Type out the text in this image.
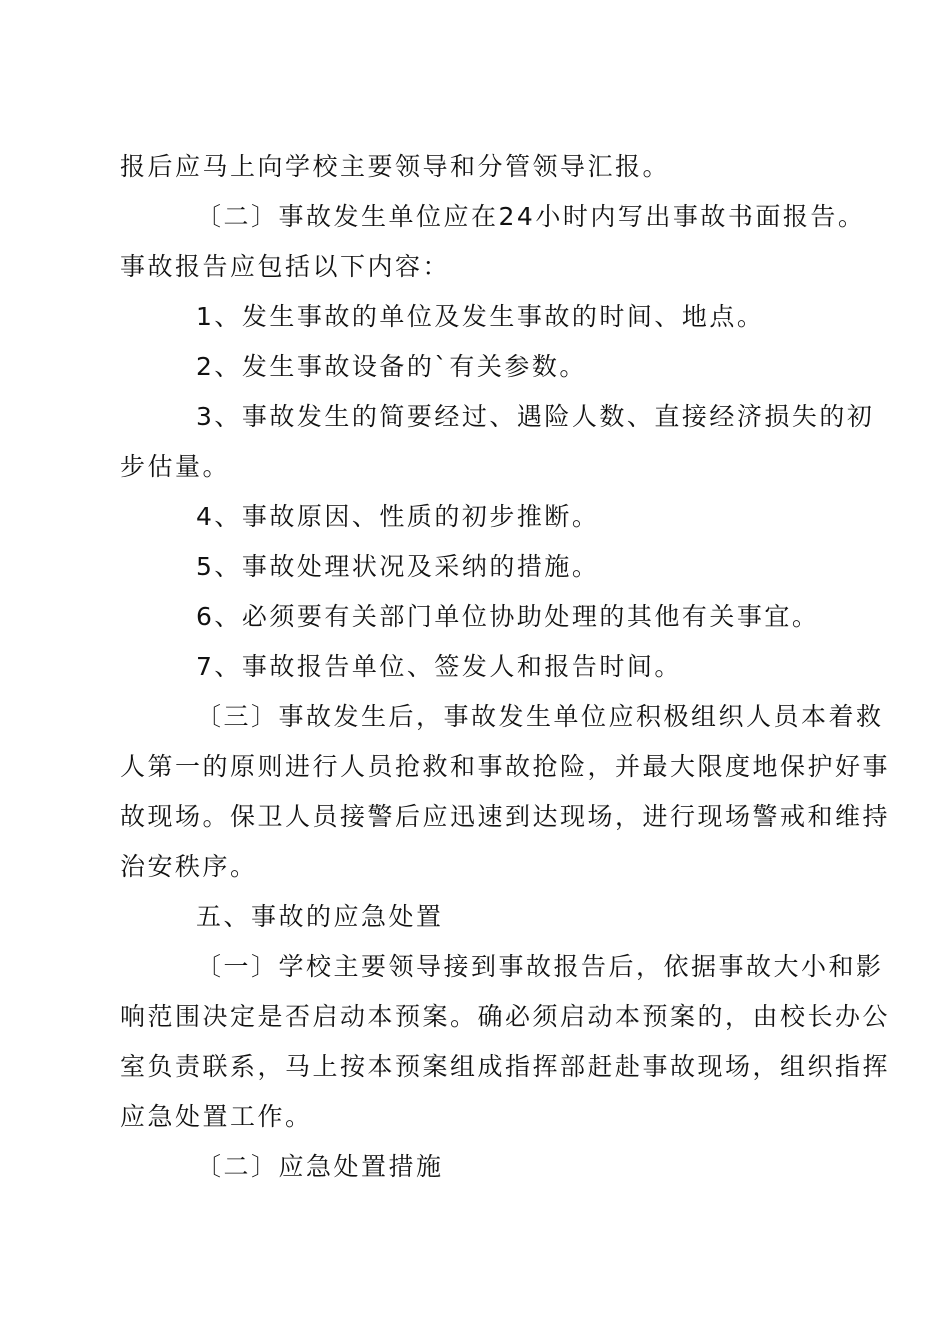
报后应马上向学校主要领导和分管领导汇报。
〔二〕事故发生单位应在24小时内写出事故书面报告。
事故报告应包括以下内容：
1、发生事故的单位及发生事故的时间、地点。
2、发生事故设备的`有关参数。
3、事故发生的简要经过、遇险人数、直接经济损失的初
步估量。
4、事故原因、性质的初步推断。
5、事故处理状况及采纳的措施。
6、必须要有关部门单位协助处理的其他有关事宜。
7、事故报告单位、签发人和报告时间。
〔三〕事故发生后，事故发生单位应积极组织人员本着救
人第一的原则进行人员抢救和事故抢险，并最大限度地保护好事
故现场。保卫人员接警后应迅速到达现场，进行现场警戒和维持
治安秩序。
五、事故的应急处置
〔一〕学校主要领导接到事故报告后，依据事故大小和影
响范围决定是否启动本预案。确必须启动本预案的，由校长办公
室负责联系，马上按本预案组成指挥部赶赴事故现场，组织指挥
应急处置工作。
〔二〕应急处置措施
